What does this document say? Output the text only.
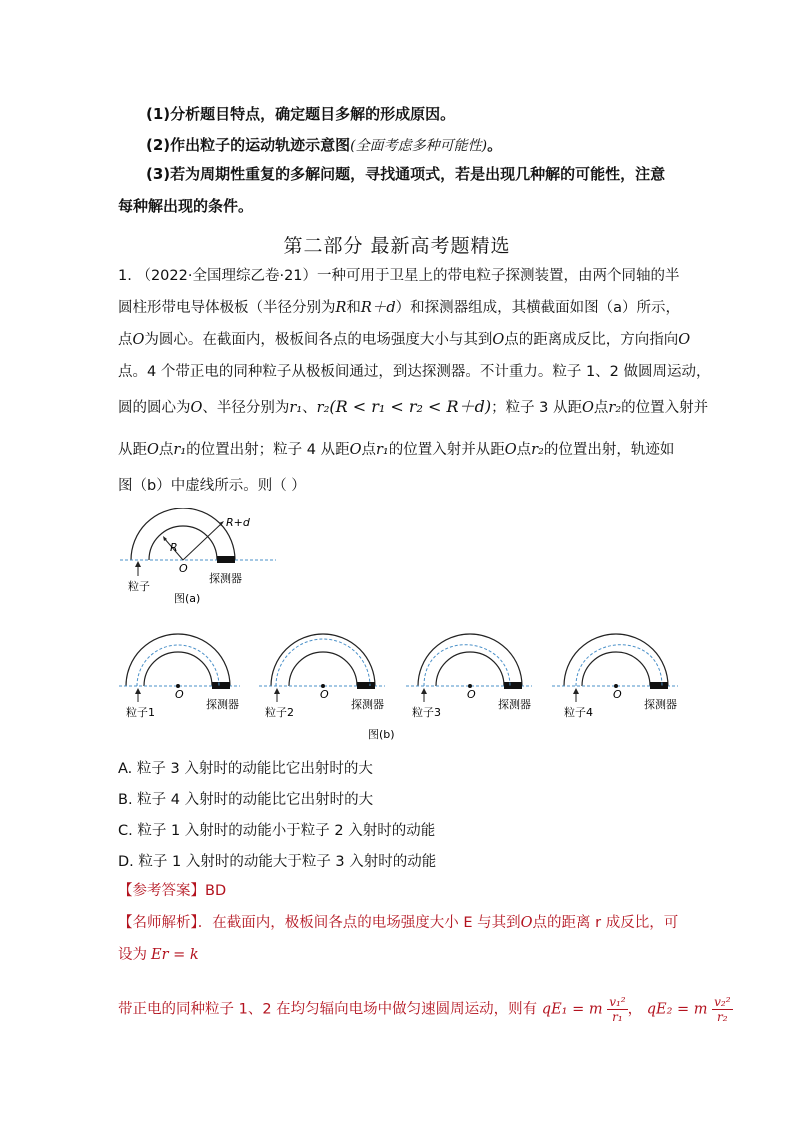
(1)分析题目特点，确定题目多解的形成原因。
(2)作出粒子的运动轨迹示意图(全面考虑多种可能性)。
(3)若为周期性重复的多解问题，寻找通项式，若是出现几种解的可能性，注意每种解出现的条件。
第二部分 最新高考题精选
1. （2022·全国理综乙卷·21）一种可用于卫星上的带电粒子探测装置，由两个同轴的半
圆柱形带电导体极板（半径分别为R和R＋d）和探测器组成，其横截面如图（a）所示，
点O为圆心。在截面内，极板间各点的电场强度大小与其到O点的距离成反比，方向指向O
点。4 个带正电的同种粒子从极板间通过，到达探测器。不计重力。粒子 1、2 做圆周运动，
圆的圆心为O、半径分别为r₁、r₂(R < r₁ < r₂ < R＋d)；粒子 3 从距O点r₂的位置入射并
从距O点r₁的位置出射；粒子 4 从距O点r₁的位置入射并从距O点r₂的位置出射，轨迹如
图（b）中虚线所示。则（ ）
R+d
R
O
粒子
探测器
图(a)
O
粒子1
探测器
O
粒子2
探测器
O
粒子3
探测器
O
粒子4
探测器
图(b)
A. 粒子 3 入射时的动能比它出射时的大
B. 粒子 4 入射时的动能比它出射时的大
C. 粒子 1 入射时的动能小于粒子 2 入射时的动能
D. 粒子 1 入射时的动能大于粒子 3 入射时的动能
【参考答案】BD
【名师解析】．在截面内，极板间各点的电场强度大小 E 与其到O点的距离 r 成反比，可
设为 Er = k
带正电的同种粒子 1、2 在均匀辐向电场中做匀速圆周运动，则有 qE₁ = m $\frac{\text{v₁²}}{\text{r₁}}$ ， qE₂ = m $\frac{\text{v₂²}}{\text{r₂}}$
